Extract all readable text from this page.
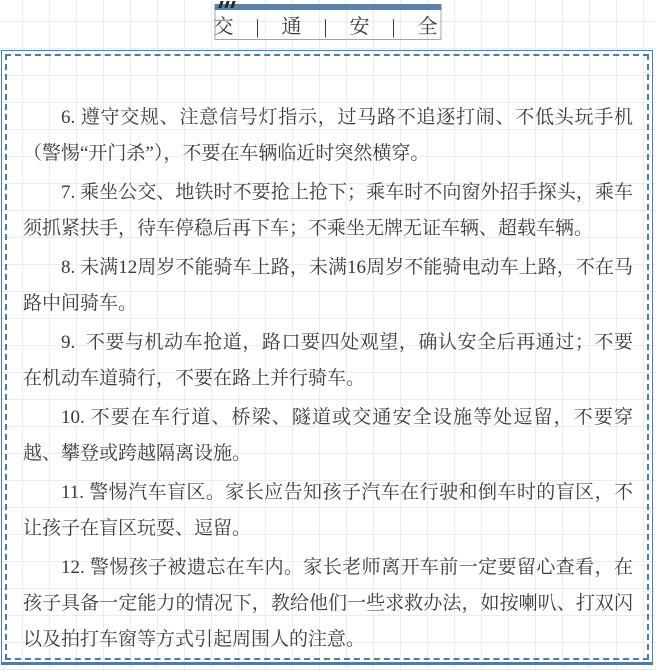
交 | 通 | 安 | 全

6. 遵守交规、注意信号灯指示，过马路不追逐打闹、不低头玩手机（警惕“开门杀”），不要在车辆临近时突然横穿。

7. 乘坐公交、地铁时不要抢上抢下；乘车时不向窗外招手探头，乘车须抓紧扶手，待车停稳后再下车；不乘坐无牌无证车辆、超载车辆。

8. 未满12周岁不能骑车上路，未满16周岁不能骑电动车上路，不在马路中间骑车。

9.  不要与机动车抢道，路口要四处观望，确认安全后再通过；不要在机动车道骑行，不要在路上并行骑车。

10. 不要在车行道、桥梁、隧道或交通安全设施等处逗留，不要穿越、攀登或跨越隔离设施。

11. 警惕汽车盲区。家长应告知孩子汽车在行驶和倒车时的盲区，不让孩子在盲区玩耍、逗留。

12. 警惕孩子被遗忘在车内。家长老师离开车前一定要留心查看，在孩子具备一定能力的情况下，教给他们一些求救办法，如按喇叭、打双闪以及拍打车窗等方式引起周围人的注意。
